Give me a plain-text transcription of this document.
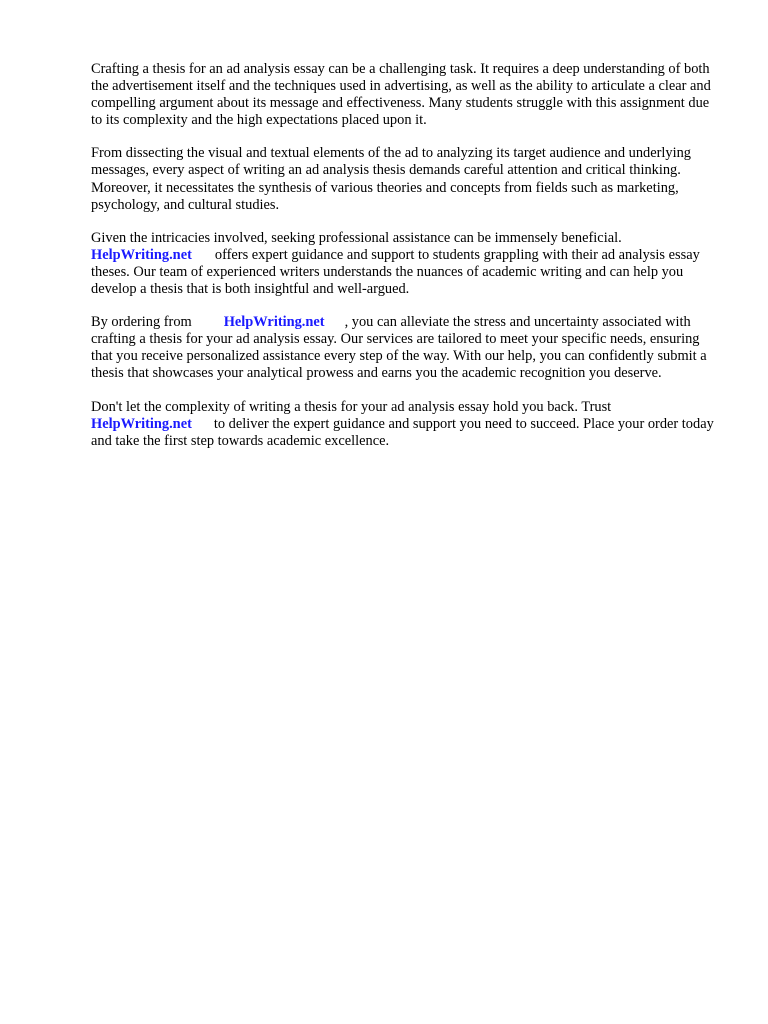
Crafting a thesis for an ad analysis essay can be a challenging task. It requires a deep understanding of both the advertisement itself and the techniques used in advertising, as well as the ability to articulate a clear and compelling argument about its message and effectiveness. Many students struggle with this assignment due to its complexity and the high expectations placed upon it.

From dissecting the visual and textual elements of the ad to analyzing its target audience and underlying messages, every aspect of writing an ad analysis thesis demands careful attention and critical thinking. Moreover, it necessitates the synthesis of various theories and concepts from fields such as marketing, psychology, and cultural studies.

Given the intricacies involved, seeking professional assistance can be immensely beneficial.
HelpWriting.net offers expert guidance and support to students grappling with their ad analysis essay theses. Our team of experienced writers understands the nuances of academic writing and can help you develop a thesis that is both insightful and well-argued.

By ordering from HelpWriting.net , you can alleviate the stress and uncertainty associated with crafting a thesis for your ad analysis essay. Our services are tailored to meet your specific needs, ensuring that you receive personalized assistance every step of the way. With our help, you can confidently submit a thesis that showcases your analytical prowess and earns you the academic recognition you deserve.

Don't let the complexity of writing a thesis for your ad analysis essay hold you back. Trust
HelpWriting.net to deliver the expert guidance and support you need to succeed. Place your order today and take the first step towards academic excellence.
